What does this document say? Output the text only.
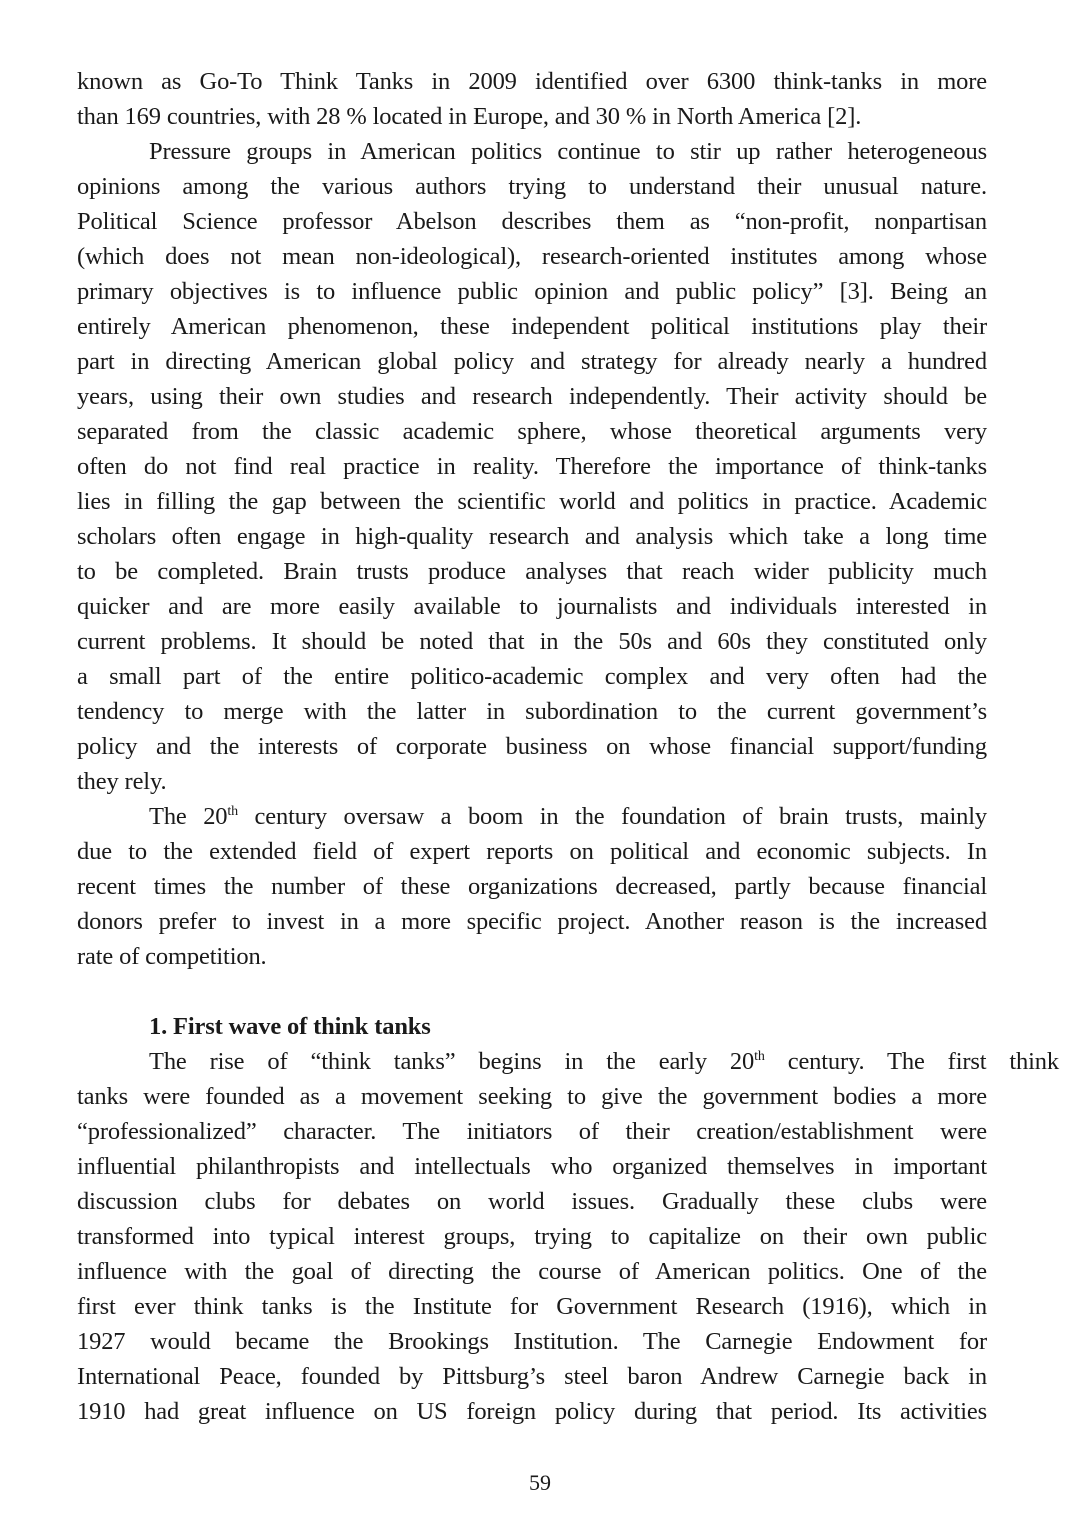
known as Go-To Think Tanks in 2009 identified over 6300 think-tanks in more
than 169 countries, with 28 % located in Europe, and 30 % in North America [2].
Pressure groups in American politics continue to stir up rather heterogeneous
opinions among the various authors trying to understand their unusual nature.
Political Science professor Abelson describes them as “non-profit, nonpartisan
(which does not mean non-ideological), research-oriented institutes among whose
primary objectives is to influence public opinion and public policy” [3]. Being an
entirely American phenomenon, these independent political institutions play their
part in directing American global policy and strategy for already nearly a hundred
years, using their own studies and research independently. Their activity should be
separated from the classic academic sphere, whose theoretical arguments very
often do not find real practice in reality. Therefore the importance of think-tanks
lies in filling the gap between the scientific world and politics in practice. Academic
scholars often engage in high-quality research and analysis which take a long time
to be completed. Brain trusts produce analyses that reach wider publicity much
quicker and are more easily available to journalists and individuals interested in
current problems. It should be noted that in the 50s and 60s they constituted only
a small part of the entire politico-academic complex and very often had the
tendency to merge with the latter in subordination to the current government’s
policy and the interests of corporate business on whose financial support/funding
they rely.
The 20th century oversaw a boom in the foundation of brain trusts, mainly
due to the extended field of expert reports on political and economic subjects. In
recent times the number of these organizations decreased, partly because financial
donors prefer to invest in a more specific project. Another reason is the increased
rate of competition.
1. First wave of think tanks
The rise of “think tanks” begins in the early 20th century. The first think
tanks were founded as a movement seeking to give the government bodies a more
“professionalized” character. The initiators of their creation/establishment were
influential philanthropists and intellectuals who organized themselves in important
discussion clubs for debates on world issues. Gradually these clubs were
transformed into typical interest groups, trying to capitalize on their own public
influence with the goal of directing the course of American politics. One of the
first ever think tanks is the Institute for Government Research (1916), which in
1927 would became the Brookings Institution. The Carnegie Endowment for
International Peace, founded by Pittsburg’s steel baron Andrew Carnegie back in
1910 had great influence on US foreign policy during that period. Its activities
59
